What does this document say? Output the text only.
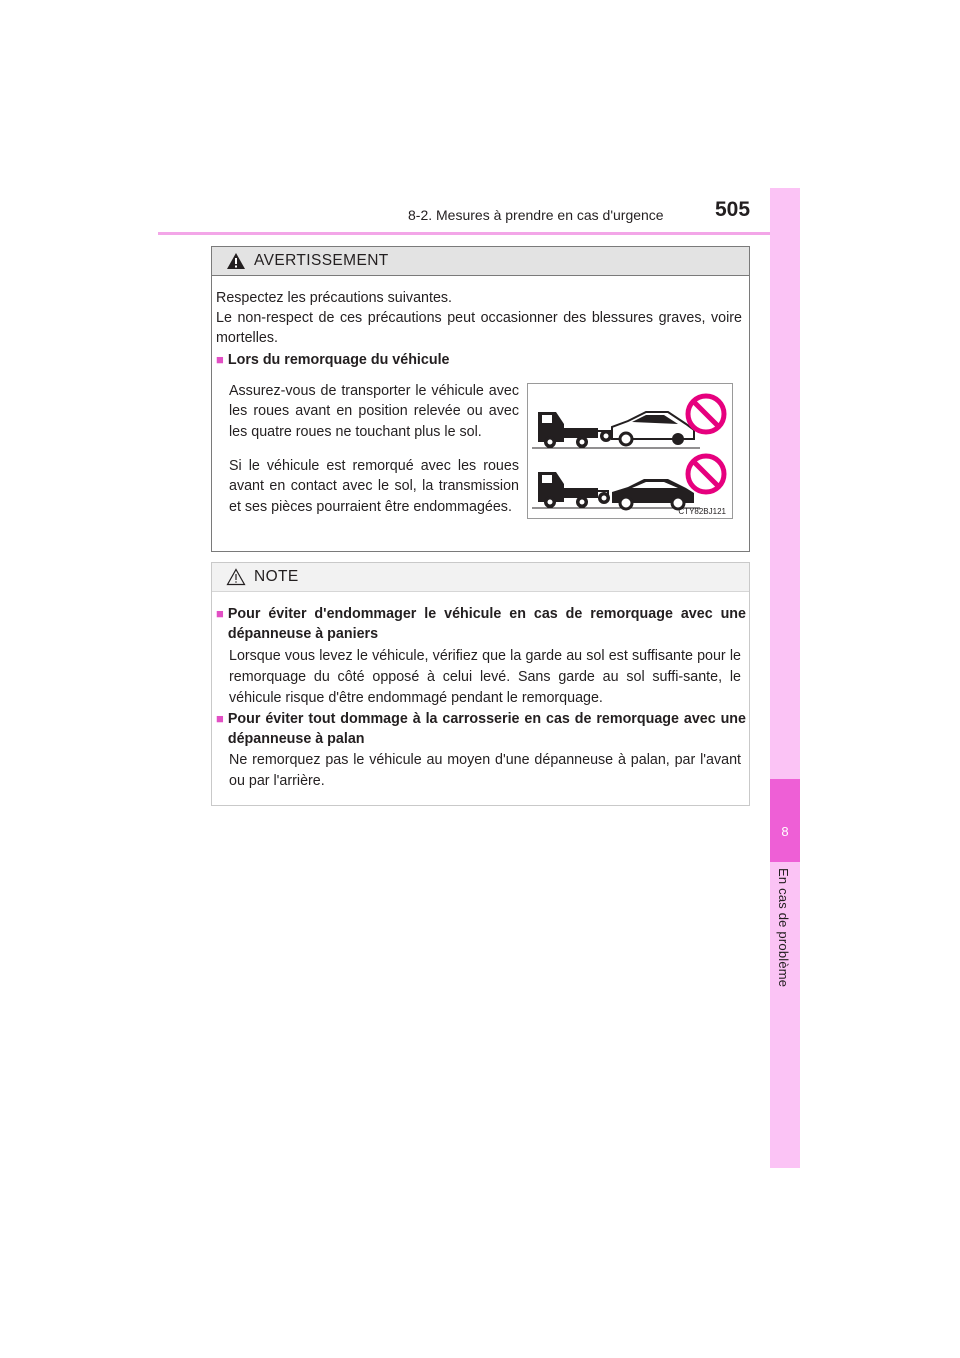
8-2. Mesures à prendre en cas d'urgence 505
8
En cas de problème
AVERTISSEMENT
Respectez les précautions suivantes.
Le non-respect de ces précautions peut occasionner des blessures graves, voire mortelles.
■ Lors du remorquage du véhicule
Assurez-vous de transporter le véhicule avec les roues avant en position relevée ou avec les quatre roues ne touchant plus le sol.
Si le véhicule est remorqué avec les roues avant en contact avec le sol, la transmission et ses pièces pourraient être endommagées.	CTY82BJ121
NOTE
■ Pour éviter d'endommager le véhicule en cas de remorquage avec une dépanneuse à paniers
Lorsque vous levez le véhicule, vérifiez que la garde au sol est suffisante pour le remorquage du côté opposé à celui levé. Sans garde au sol suffi-sante, le véhicule risque d'être endommagé pendant le remorquage.
■ Pour éviter tout dommage à la carrosserie en cas de remorquage avec une dépanneuse à palan
Ne remorquez pas le véhicule au moyen d'une dépanneuse à palan, par l'avant ou par l'arrière.
